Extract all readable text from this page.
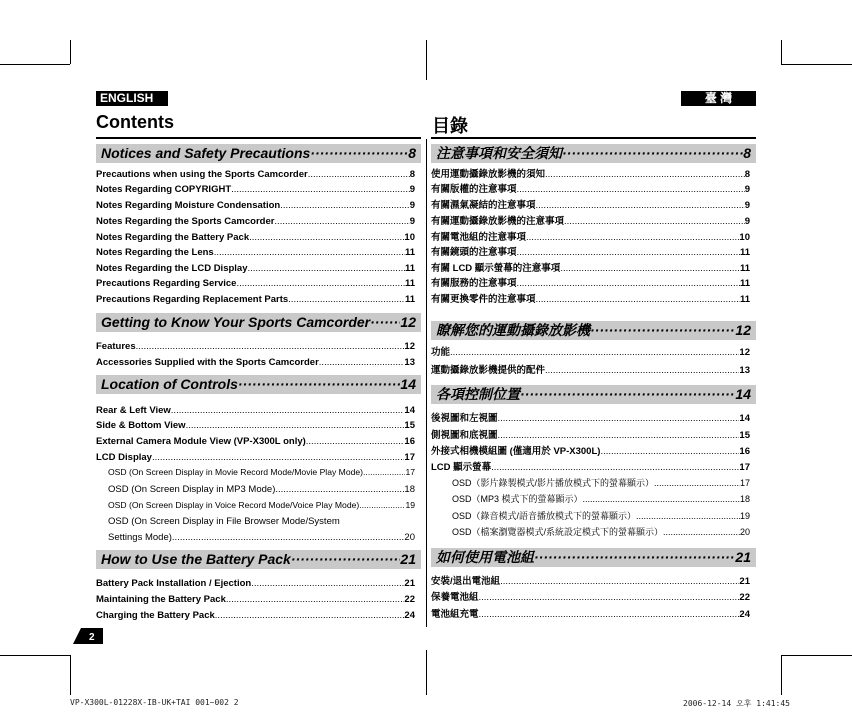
ENGLISH	臺 灣
Contents	目錄
Notices and Safety Precautions ·····	8
Precautions when using the Sports Camcorder .....	8
Notes Regarding COPYRIGHT .....	9
Notes Regarding Moisture Condensation .....	9
Notes Regarding the Sports Camcorder .....	9
Notes Regarding the Battery Pack .....	10
Notes Regarding the Lens .....	11
Notes Regarding the LCD Display .....	11
Precautions Regarding Service .....	11
Precautions Regarding Replacement Parts .....	11
Getting to Know Your Sports Camcorder ····· 12
Features .....	12
Accessories Supplied with the Sports Camcorder .....	13
Location of Controls ·····	14
Rear & Left View .....	14
Side & Bottom View .....	15
External Camera Module View (VP-X300L only) .....	16
LCD Display .....	17
OSD (On Screen Display in Movie Record Mode/Movie Play Mode) .....	17
OSD (On Screen Display in MP3 Mode) .....	18
OSD (On Screen Display in Voice Record Mode/Voice Play Mode) .....	19
OSD (On Screen Display in File Browser Mode/System
Settings Mode) .....	20
How to Use the Battery Pack ·····	21
Battery Pack Installation / Ejection .....	21
Maintaining the Battery Pack .....	22
Charging the Battery Pack .....	24
注意事項和安全須知 ·····	8
使用運動攝錄放影機的須知 .....	8
有關版權的注意事項 .....	9
有關濕氣凝結的注意事項 .....	9
有關運動攝錄放影機的注意事項 .....	9
有關電池組的注意事項 .....	10
有關鏡頭的注意事項 .....	11
有關 LCD 顯示螢幕的注意事項 .....	11
有關服務的注意事項 .....	11
有關更換零件的注意事項 .....	11
瞭解您的運動攝錄放影機 ·····	12
功能 .....	12
運動攝錄放影機提供的配件 .....	13
各項控制位置 ·····	14
後視圖和左視圖 .....	14
側視圖和底視圖 .....	15
外接式相機模組圖 (僅適用於 VP-X300L) .....	16
LCD 顯示螢幕 .....	17
OSD（影片錄製模式/影片播放模式下的螢幕顯示） .....	17
OSD（MP3 模式下的螢幕顯示） .....	18
OSD（錄音模式/語音播放模式下的螢幕顯示） .....	19
OSD（檔案瀏覽器模式/系統設定模式下的螢幕顯示） .....	20
如何使用電池組 ·····	21
安裝/退出電池組 .....	21
保養電池組 .....	22
電池組充電 .....	24
2
VP-X300L-01228X-IB-UK+TAI 001~002 2	2006-12-14 오후 1:41:45
